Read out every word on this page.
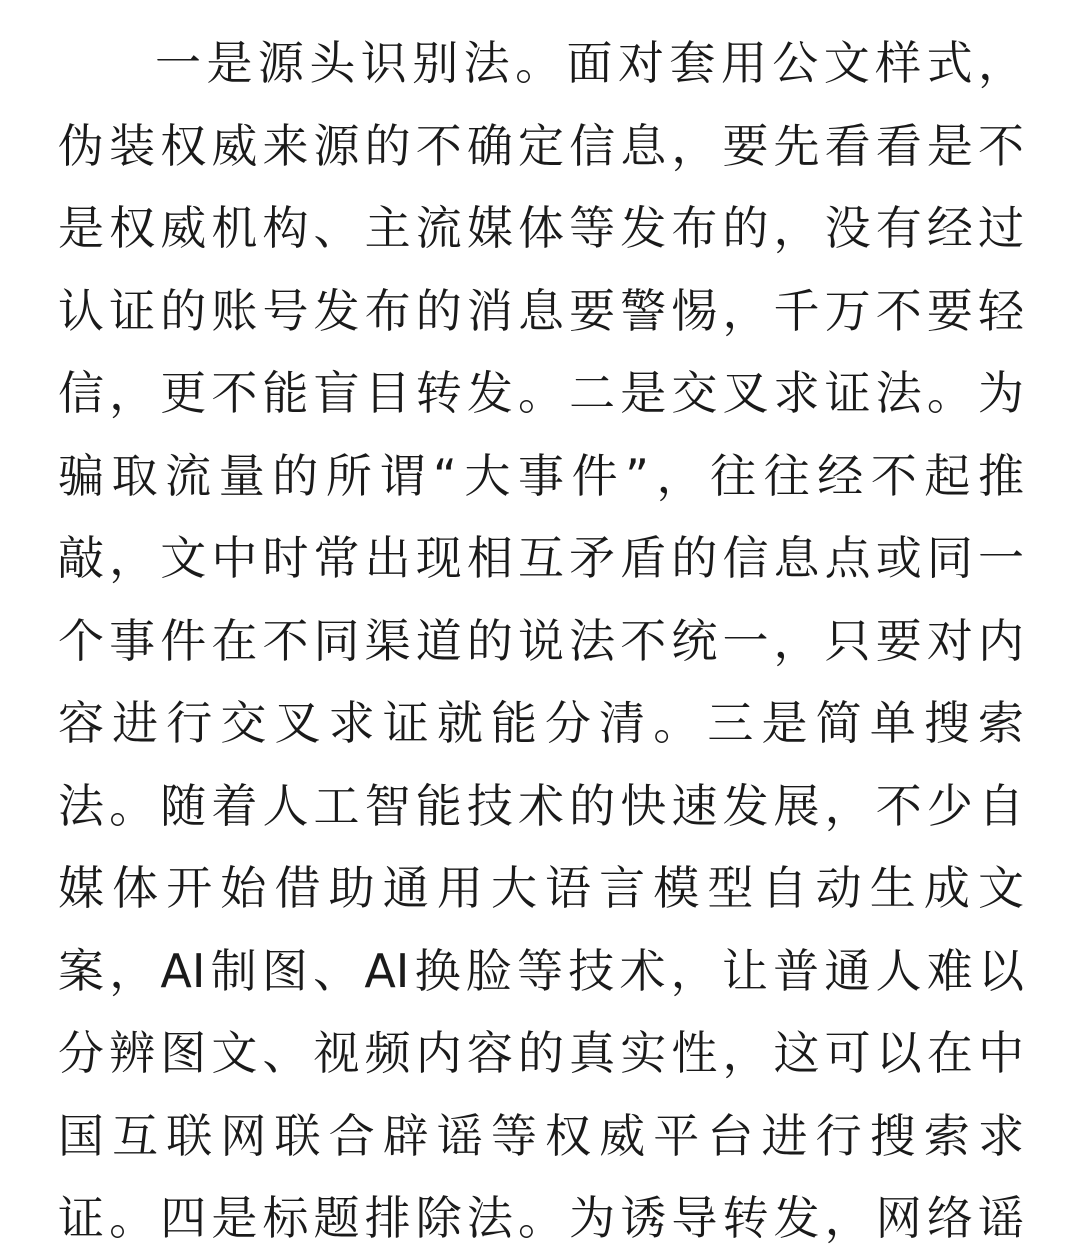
一是源头识别法。面对套用公文样式，
伪装权威来源的不确定信息，要先看看是不
是权威机构、主流媒体等发布的，没有经过
认证的账号发布的消息要警惕，千万不要轻
信，更不能盲目转发。二是交叉求证法。为
骗取流量的所谓“大事件”，往往经不起推
敲，文中时常出现相互矛盾的信息点或同一
个事件在不同渠道的说法不统一，只要对内
容进行交叉求证就能分清。三是简单搜索
法。随着人工智能技术的快速发展，不少自
媒体开始借助通用大语言模型自动生成文
案，AI制图、AI换脸等技术，让普通人难以
分辨图文、视频内容的真实性，这可以在中
国互联网联合辟谣等权威平台进行搜索求
证。四是标题排除法。为诱导转发，网络谣
